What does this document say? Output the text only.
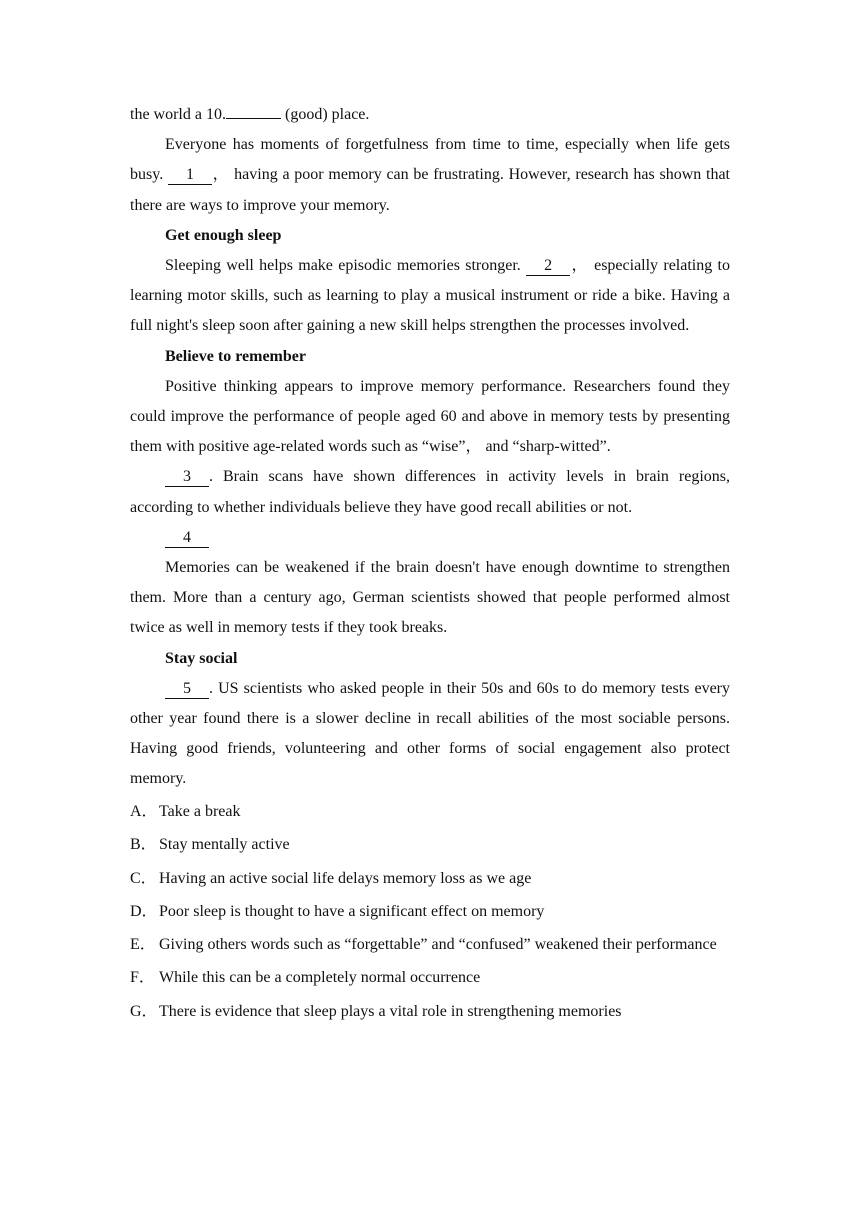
the world a 10.	(good) place.

Everyone has moments of forgetfulness from time to time, especially when life gets busy. 1 ， having a poor memory can be frustrating. However, research has shown that there are ways to improve your memory.

Get enough sleep

Sleeping well helps make episodic memories stronger. 2 ， especially relating to learning motor skills, such as learning to play a musical instrument or ride a bike. Having a full night's sleep soon after gaining a new skill helps strengthen the processes involved.

Believe to remember

Positive thinking appears to improve memory performance. Researchers found they could improve the performance of people aged 60 and above in memory tests by presenting them with positive age-related words such as “wise”， and “sharp-witted”.

3 . Brain scans have shown differences in activity levels in brain regions, according to whether individuals believe they have good recall abilities or not.

4

Memories can be weakened if the brain doesn't have enough downtime to strengthen them. More than a century ago, German scientists showed that people performed almost twice as well in memory tests if they took breaks.

Stay social

5 . US scientists who asked people in their 50s and 60s to do memory tests every other year found there is a slower decline in recall abilities of the most sociable persons. Having good friends, volunteering and other forms of social engagement also protect memory.

A．Take a break

B． Stay mentally active

C． Having an active social life delays memory loss as we age

D．Poor sleep is thought to have a significant effect on memory

E． Giving others words such as “forgettable” and “confused” weakened their performance

F． While this can be a completely normal occurrence

G．There is evidence that sleep plays a vital role in strengthening memories
